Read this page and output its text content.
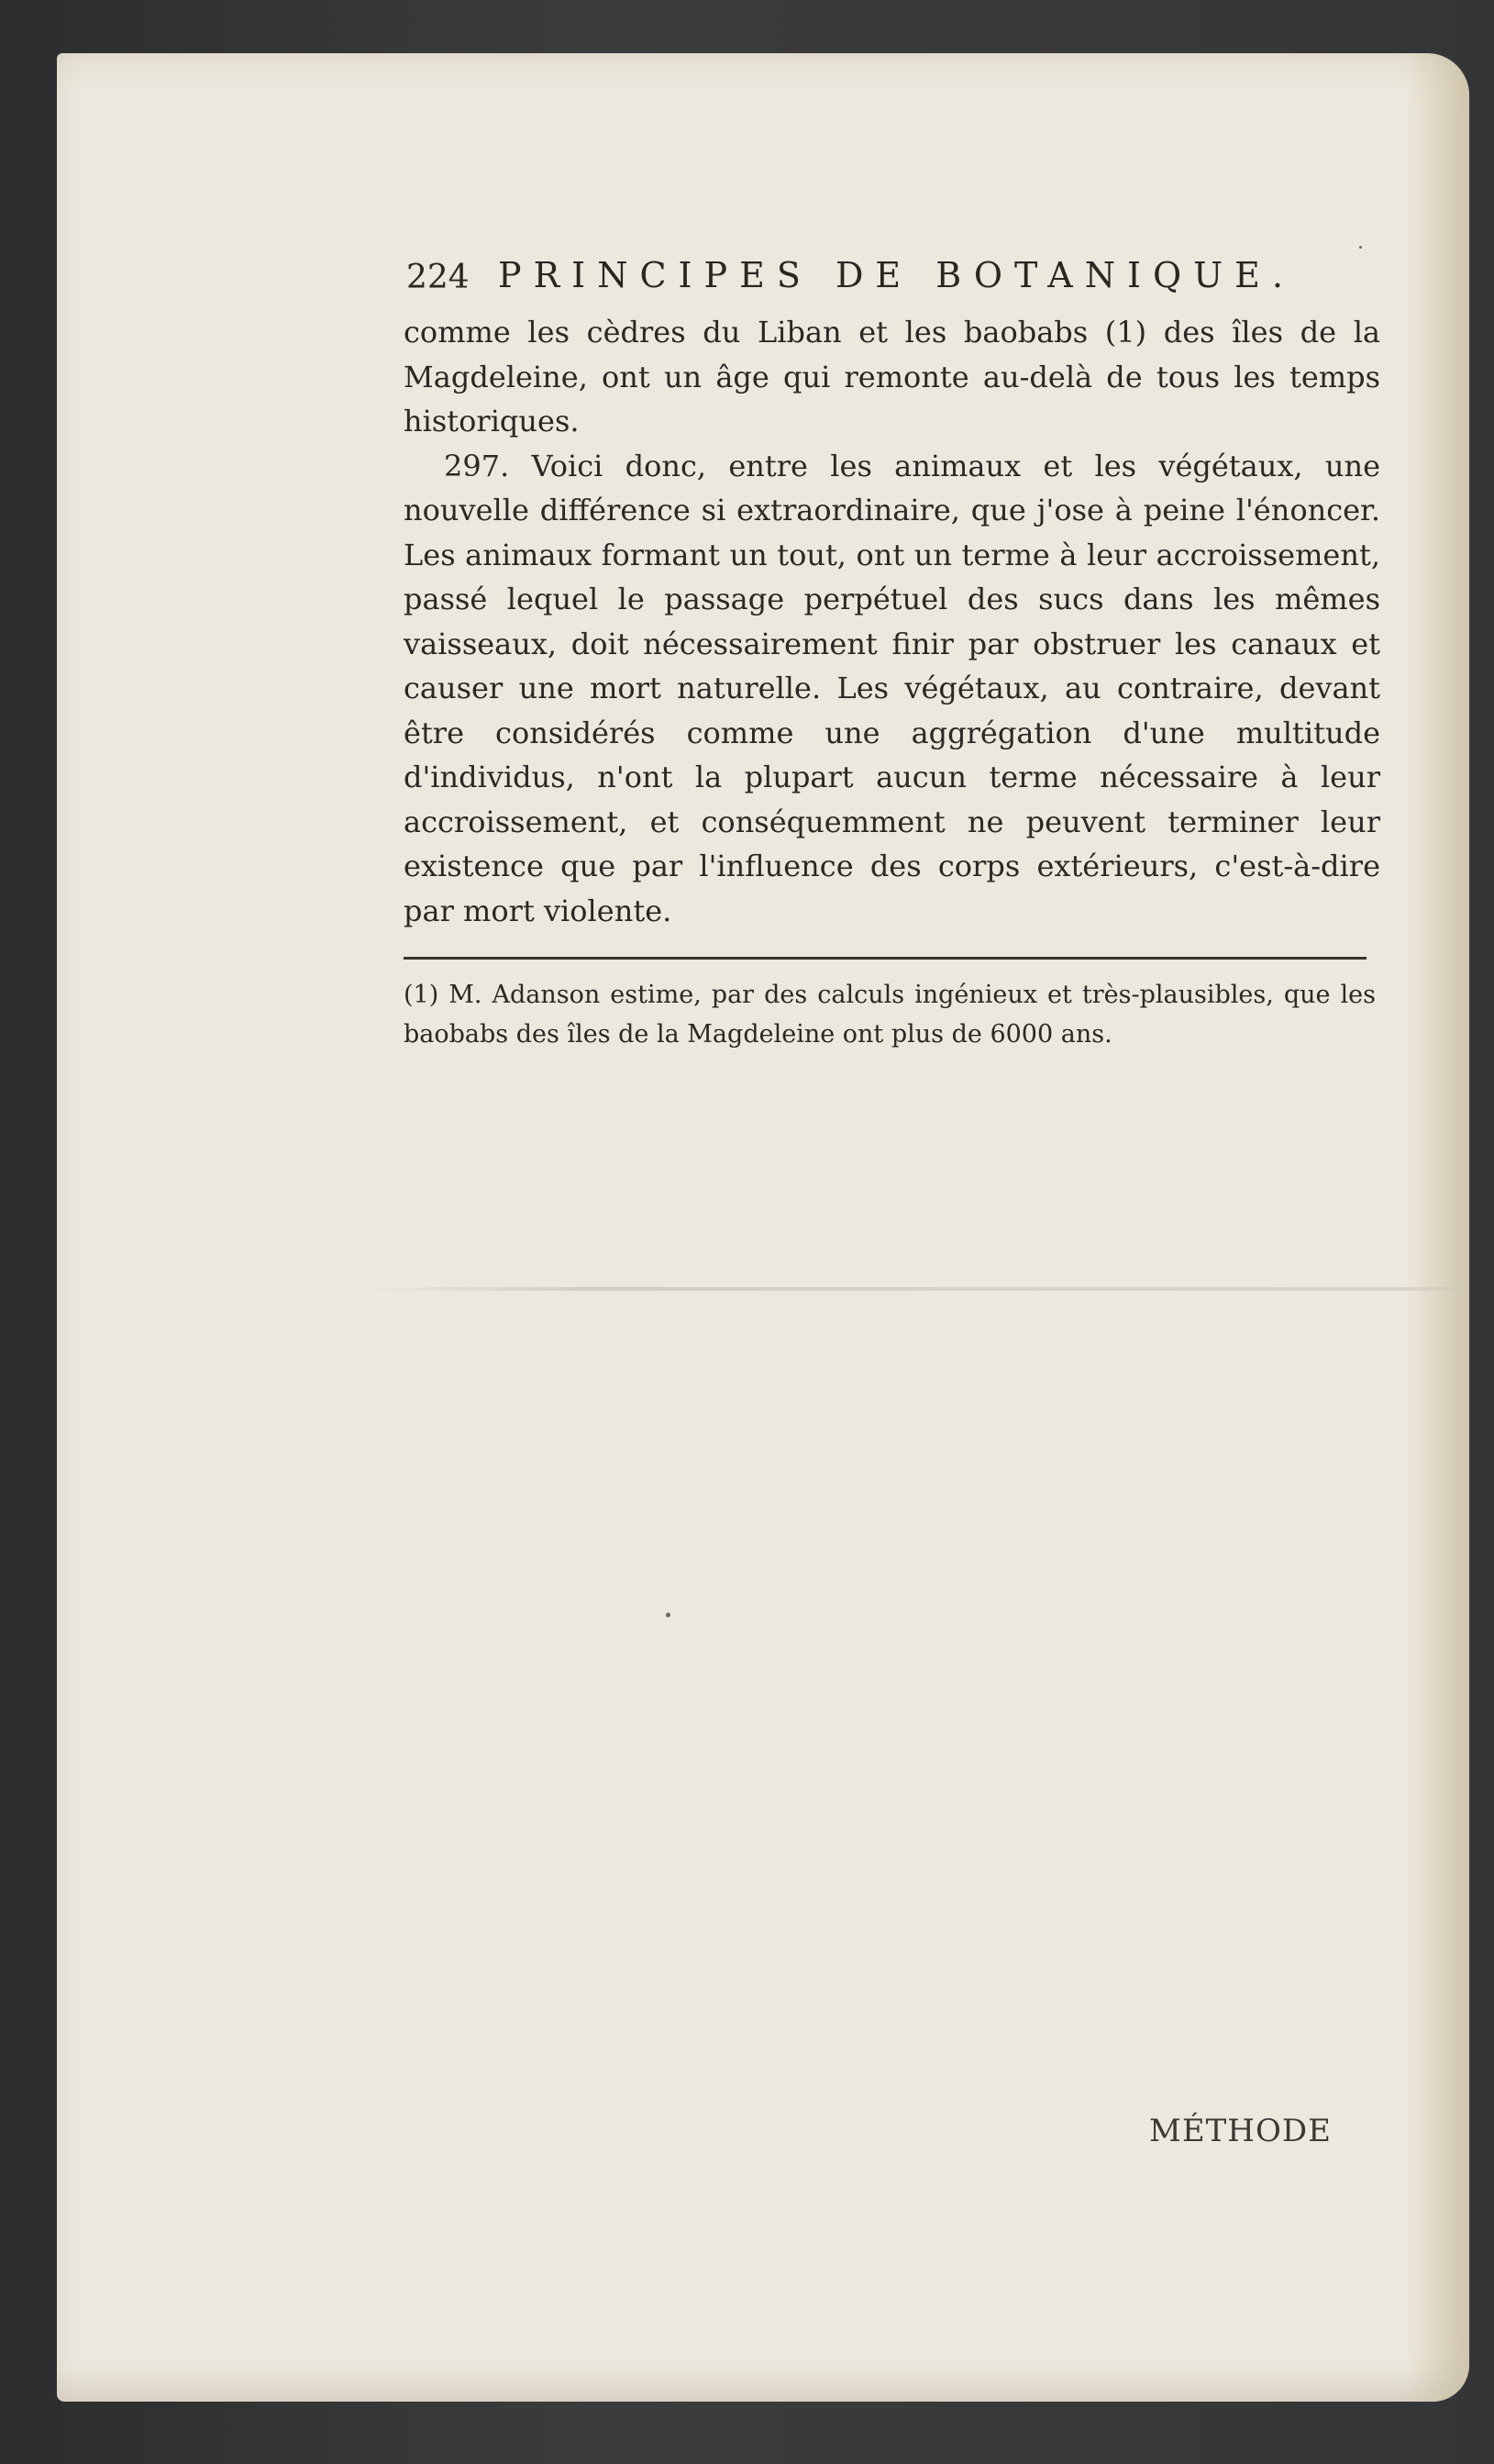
224 PRINCIPES DE BOTANIQUE.

comme les cèdres du Liban et les baobabs (1) des îles de la Magdeleine, ont un âge qui remonte au-delà de tous les temps historiques.

297. Voici donc, entre les animaux et les végétaux, une nouvelle différence si extraordinaire, que j'ose à peine l'énoncer. Les animaux formant un tout, ont un terme à leur accroissement, passé lequel le passage perpétuel des sucs dans les mêmes vaisseaux, doit nécessairement finir par obstruer les canaux et causer une mort naturelle. Les végétaux, au contraire, devant être considérés comme une aggrégation d'une multitude d'individus, n'ont la plupart aucun terme nécessaire à leur accroissement, et conséquemment ne peuvent terminer leur existence que par l'influence des corps extérieurs, c'est-à-dire par mort violente.

(1) M. Adanson estime, par des calculs ingénieux et très-plausibles, que les baobabs des îles de la Magdeleine ont plus de 6000 ans.
MÉTHODE
